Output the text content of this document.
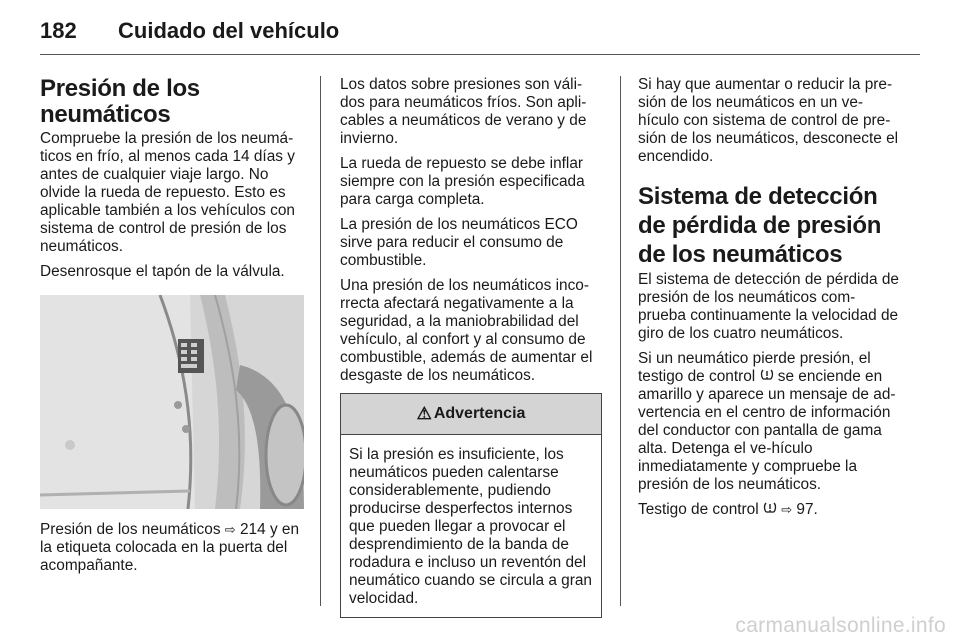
182 Cuidado del vehículo
Presión de los neumáticos

Compruebe la presión de los neumá-ticos en frío, al menos cada 14 días y antes de cualquier viaje largo. No olvide la rueda de repuesto. Esto es aplicable también a los vehículos con sistema de control de presión de los neumáticos.

Desenrosque el tapón de la válvula.

Presión de los neumáticos ⇨ 214 y en la etiqueta colocada en la puerta del acompañante.

Los datos sobre presiones son váli-dos para neumáticos fríos. Son apli-cables a neumáticos de verano y de invierno.

La rueda de repuesto se debe inflar siempre con la presión especificada para carga completa.

La presión de los neumáticos ECO sirve para reducir el consumo de combustible.

Una presión de los neumáticos inco-rrecta afectará negativamente a la seguridad, a la maniobrabilidad del vehículo, al confort y al consumo de combustible, además de aumentar el desgaste de los neumáticos.

⚠ Advertencia
Si la presión es insuficiente, los neumáticos pueden calentarse considerablemente, pudiendo producirse desperfectos internos que pueden llegar a provocar el desprendimiento de la banda de rodadura e incluso un reventón del neumático cuando se circula a gran velocidad.

Si hay que aumentar o reducir la pre-sión de los neumáticos en un ve-hículo con sistema de control de pre-sión de los neumáticos, desconecte el encendido.

Sistema de detección de pérdida de presión de los neumáticos

El sistema de detección de pérdida de presión de los neumáticos com-prueba continuamente la velocidad de giro de los cuatro neumáticos.

Si un neumático pierde presión, el testigo de control se enciende en amarillo y aparece un mensaje de ad-vertencia en el centro de información del conductor con pantalla de gama alta. Detenga el ve-hículo inmediatamente y compruebe la presión de los neumáticos.

Testigo de control ⇨ 97.

carmanualsonline.info
